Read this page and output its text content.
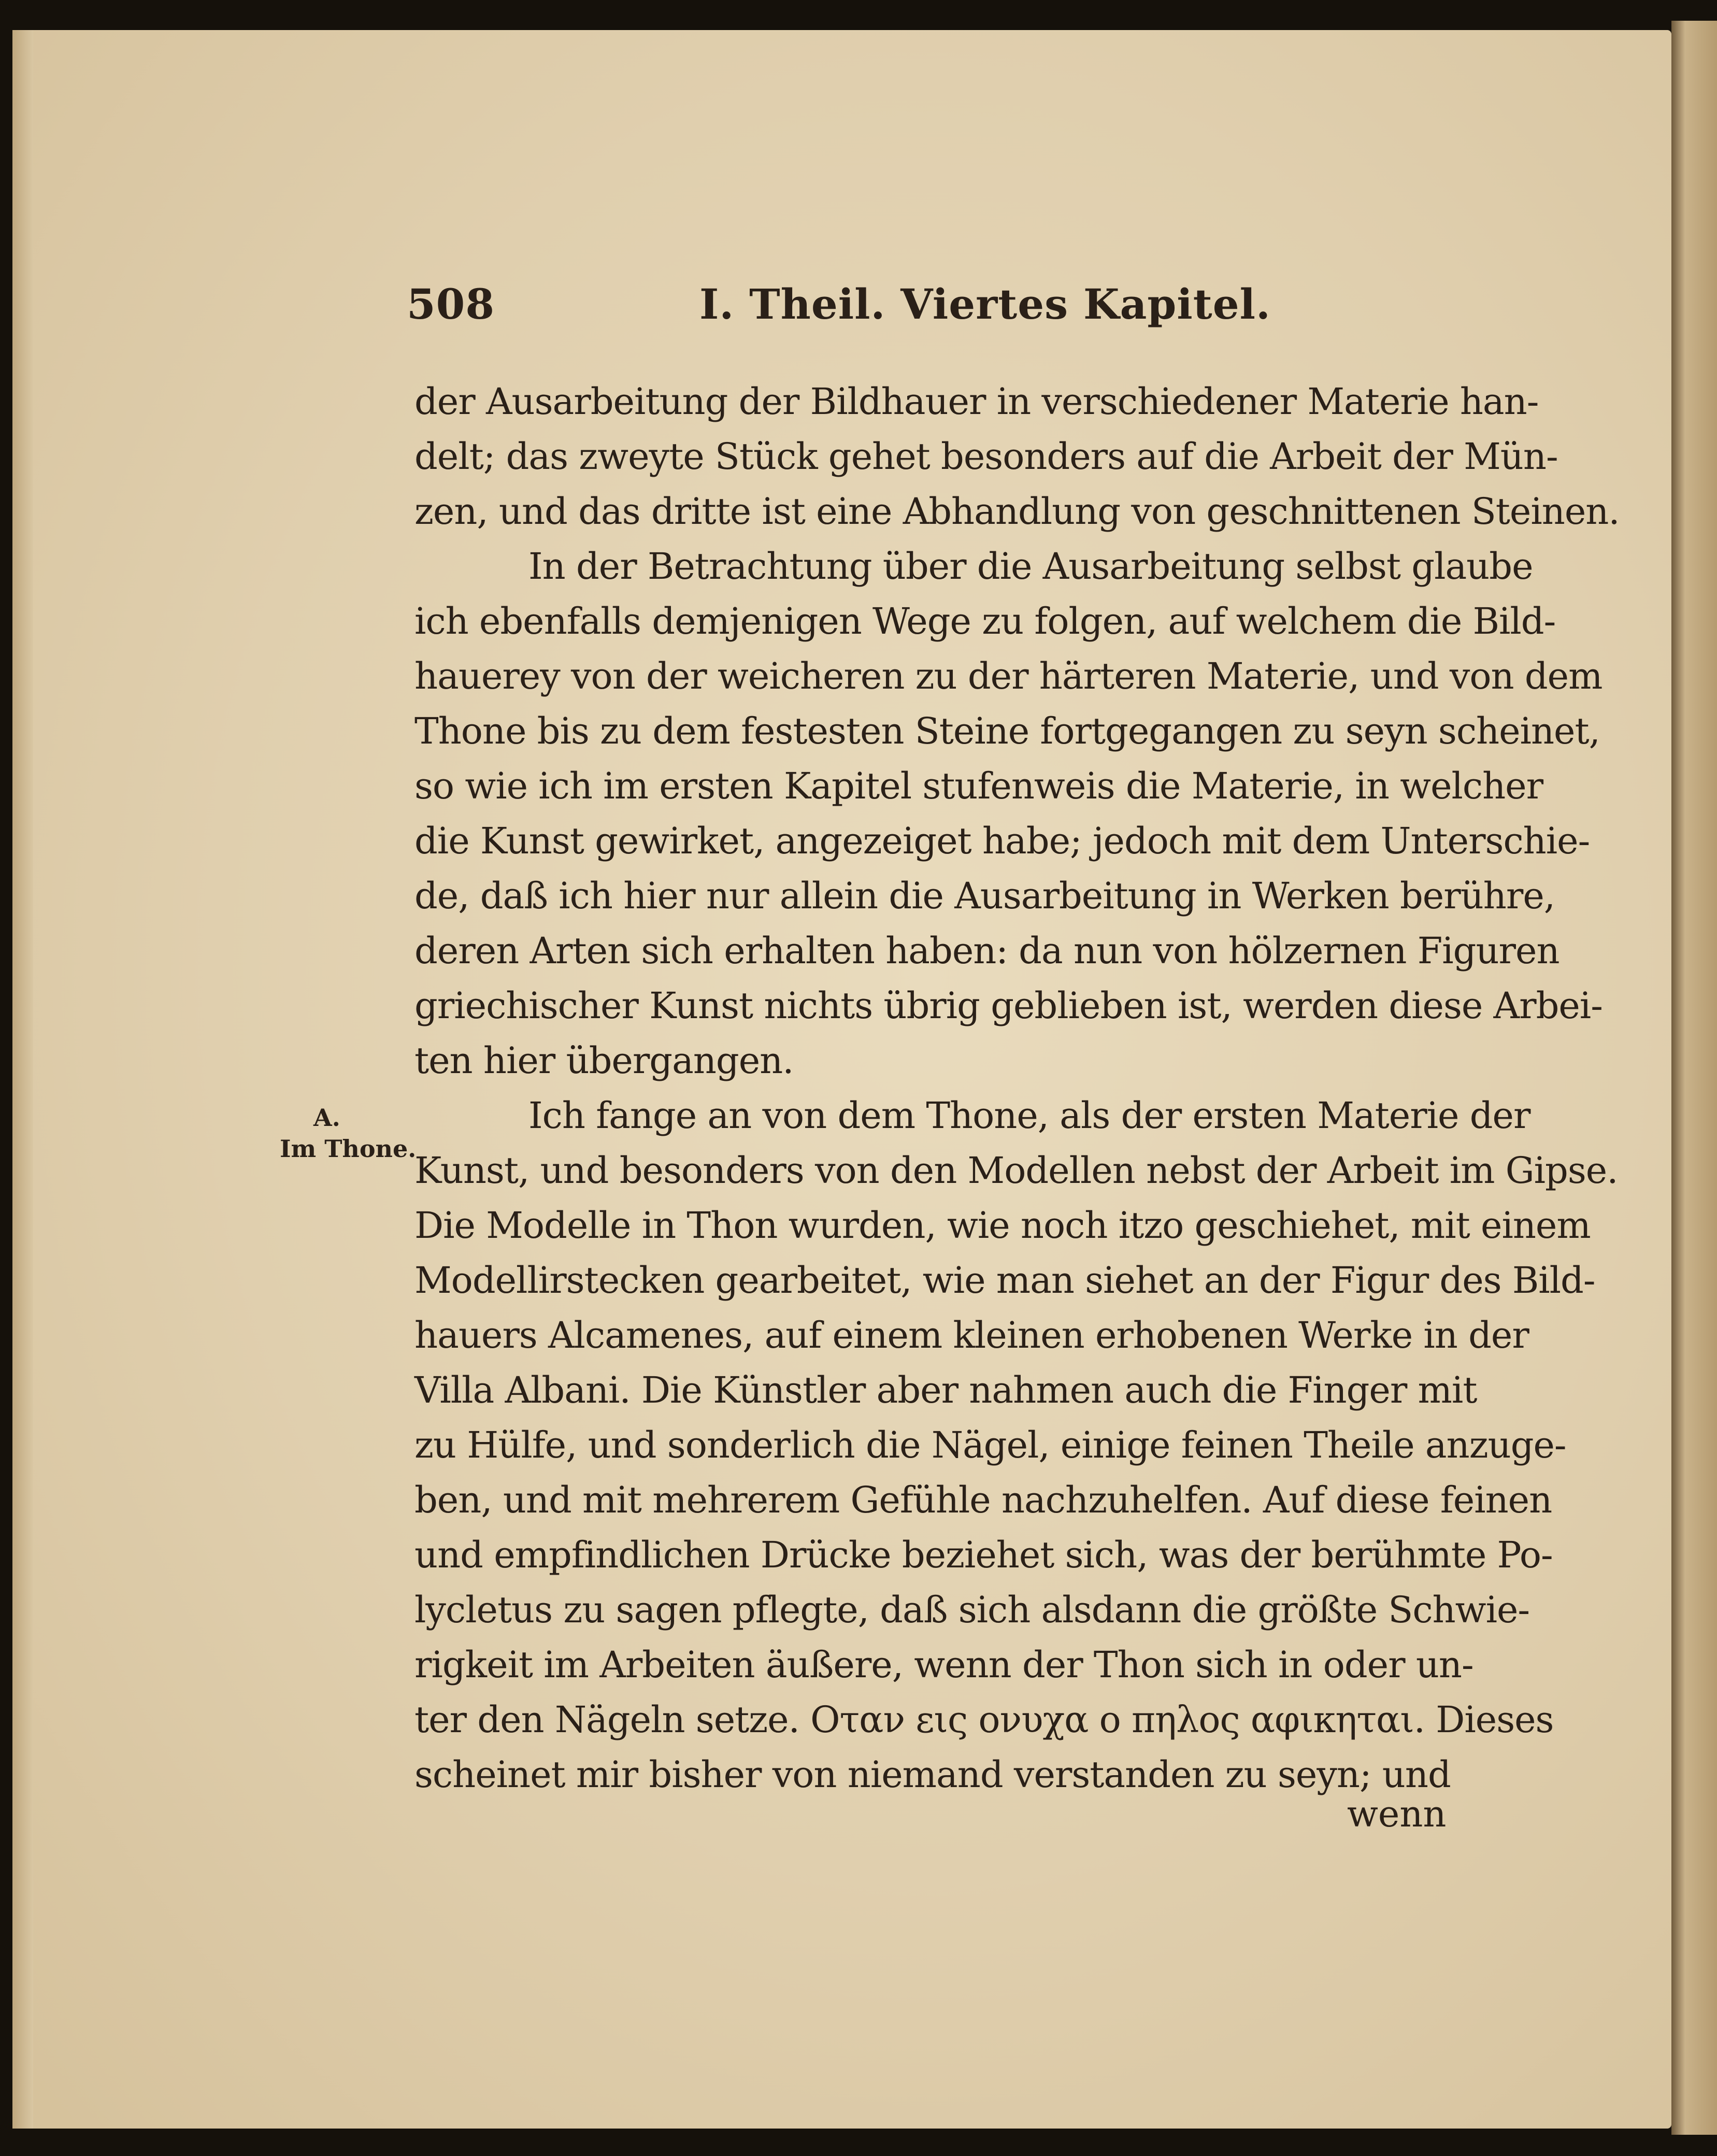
508	I. Theil. Viertes Kapitel.
A.
Im Thone.
der Ausarbeitung der Bildhauer in verschiedener Materie han-
delt; das zweyte Stück gehet besonders auf die Arbeit der Mün-
zen, und das dritte ist eine Abhandlung von geschnittenen Steinen.
In der Betrachtung über die Ausarbeitung selbst glaube
ich ebenfalls demjenigen Wege zu folgen, auf welchem die Bild-
hauerey von der weicheren zu der härteren Materie, und von dem
Thone bis zu dem festesten Steine fortgegangen zu seyn scheinet,
so wie ich im ersten Kapitel stufenweis die Materie, in welcher
die Kunst gewirket, angezeiget habe; jedoch mit dem Unterschie-
de, daß ich hier nur allein die Ausarbeitung in Werken berühre,
deren Arten sich erhalten haben: da nun von hölzernen Figuren
griechischer Kunst nichts übrig geblieben ist, werden diese Arbei-
ten hier übergangen.
Ich fange an von dem Thone, als der ersten Materie der
Kunst, und besonders von den Modellen nebst der Arbeit im Gipse.
Die Modelle in Thon wurden, wie noch itzo geschiehet, mit einem
Modellirstecken gearbeitet, wie man siehet an der Figur des Bild-
hauers Alcamenes, auf einem kleinen erhobenen Werke in der
Villa Albani. Die Künstler aber nahmen auch die Finger mit
zu Hülfe, und sonderlich die Nägel, einige feinen Theile anzuge-
ben, und mit mehrerem Gefühle nachzuhelfen. Auf diese feinen
und empfindlichen Drücke beziehet sich, was der berühmte Po-
lycletus zu sagen pflegte, daß sich alsdann die größte Schwie-
rigkeit im Arbeiten äußere, wenn der Thon sich in oder un-
ter den Nägeln setze. Οταν εις ονυχα ο πηλος αφικηται. Dieses
scheinet mir bisher von niemand verstanden zu seyn; und
wenn
